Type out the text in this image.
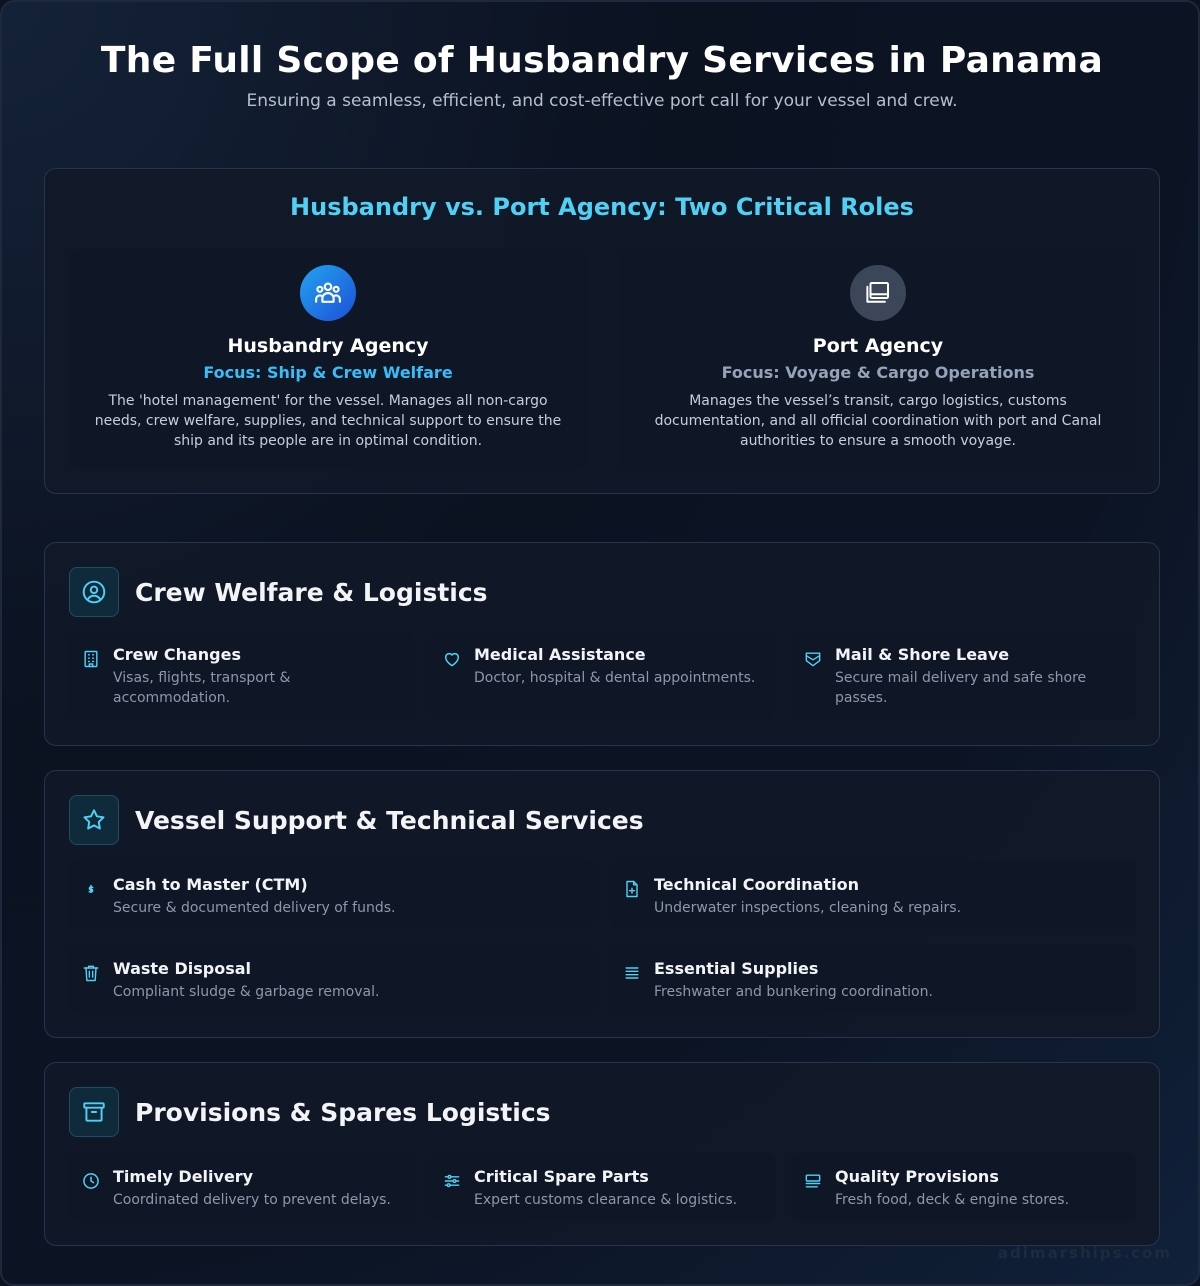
The Full Scope of Husbandry Services in Panama

Ensuring a seamless, efficient, and cost-effective port call for your vessel and crew.

Husbandry vs. Port Agency: Two Critical Roles
Husbandry Agency
Focus: Ship & Crew Welfare
The 'hotel management' for the vessel. Manages all non-cargo needs, crew welfare, supplies, and technical support to ensure the ship and its people are in optimal condition.
Port Agency
Focus: Voyage & Cargo Operations
Manages the vessel’s transit, cargo logistics, customs documentation, and all official coordination with port and Canal authorities to ensure a smooth voyage.
Crew Welfare & Logistics
Crew Changes
Visas, flights, transport & accommodation.
Medical Assistance
Doctor, hospital & dental appointments.
Mail & Shore Leave
Secure mail delivery and safe shore passes.
Vessel Support & Technical Services
Cash to Master (CTM)
Secure & documented delivery of funds.
Technical Coordination
Underwater inspections, cleaning & repairs.
Waste Disposal
Compliant sludge & garbage removal.
Essential Supplies
Freshwater and bunkering coordination.
Provisions & Spares Logistics
Timely Delivery
Coordinated delivery to prevent delays.
Critical Spare Parts
Expert customs clearance & logistics.
Quality Provisions
Fresh food, deck & engine stores.
adimarships.com
